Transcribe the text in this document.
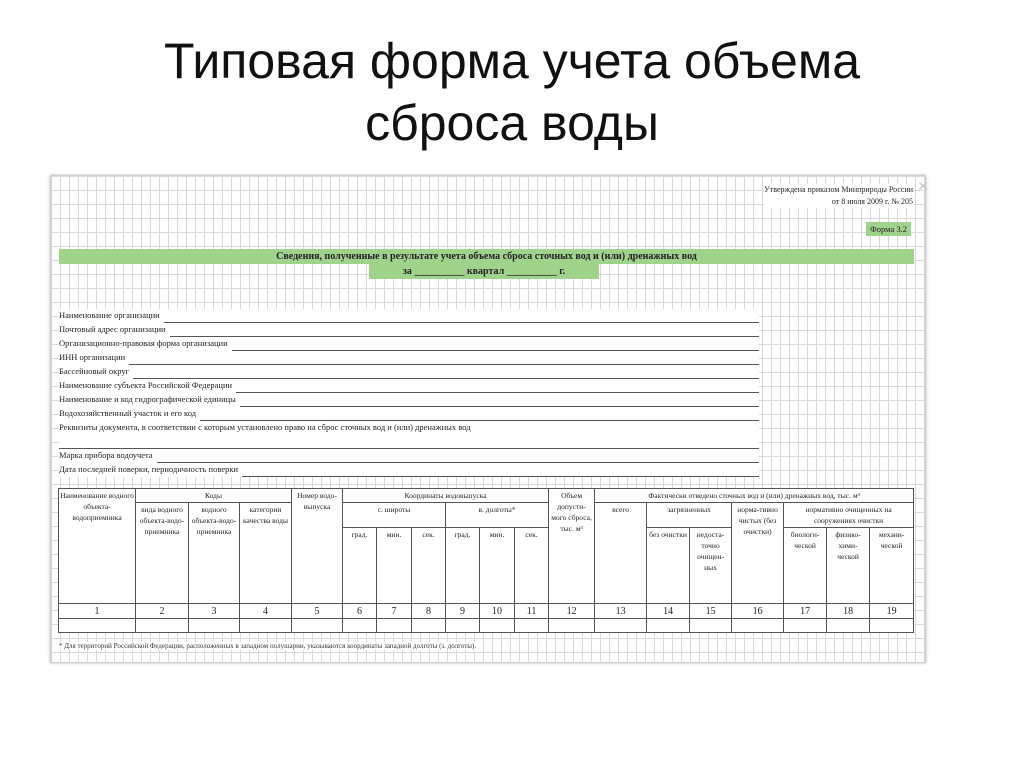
Типовая форма учета объема
сброса воды
Утверждена приказом Минприроды России
от 8 июля 2009 г. № 205
✕
Форма 3.2
Сведения, полученные в результате учета объема сброса сточных вод и (или) дренажных вод
за __________ квартал __________ г.
Наименование организации
Почтовый адрес организации
Организационно-правовая форма организации
ИНН организации
Бассейновый округ
Наименование субъекта Российской Федерации
Наименование и код гидрографической единицы
Водохозяйственный участок и его код
Реквизиты документа, в соответствии с которым установлено право на сброс сточных вод и (или) дренажных вод
Марка прибора водоучета
Дата последней поверки, периодичность поверки
Наименование водного объекта-водоприемника	Коды			Номер водо-выпуска	Координаты водовыпуска						Объем допусти-мого сброса, тыс. м³	Фактически отведено сточных вод и (или) дренажных вод, тыс. м³						
	вида водного объекта-водо-приемника	водного объекта-водо-приемника	категории качества воды		с. широты			в. долготы*				всего	загрязненных		норма-тивно чистых (без очистки)	нормативно очищенных на сооружениях очистки		
					град.	мин.	сек.	град.	мин.	сек.			без очистки	недоста-точно очищен-ных		биологи-ческой	физико-хими-ческой	механи-ческой
1	2	3	4	5	6	7	8	9	10	11	12	13	14	15	16	17	18	19

* Для территорий Российской Федерации, расположенных в западном полушарии, указываются координаты западной долготы (з. долготы).
